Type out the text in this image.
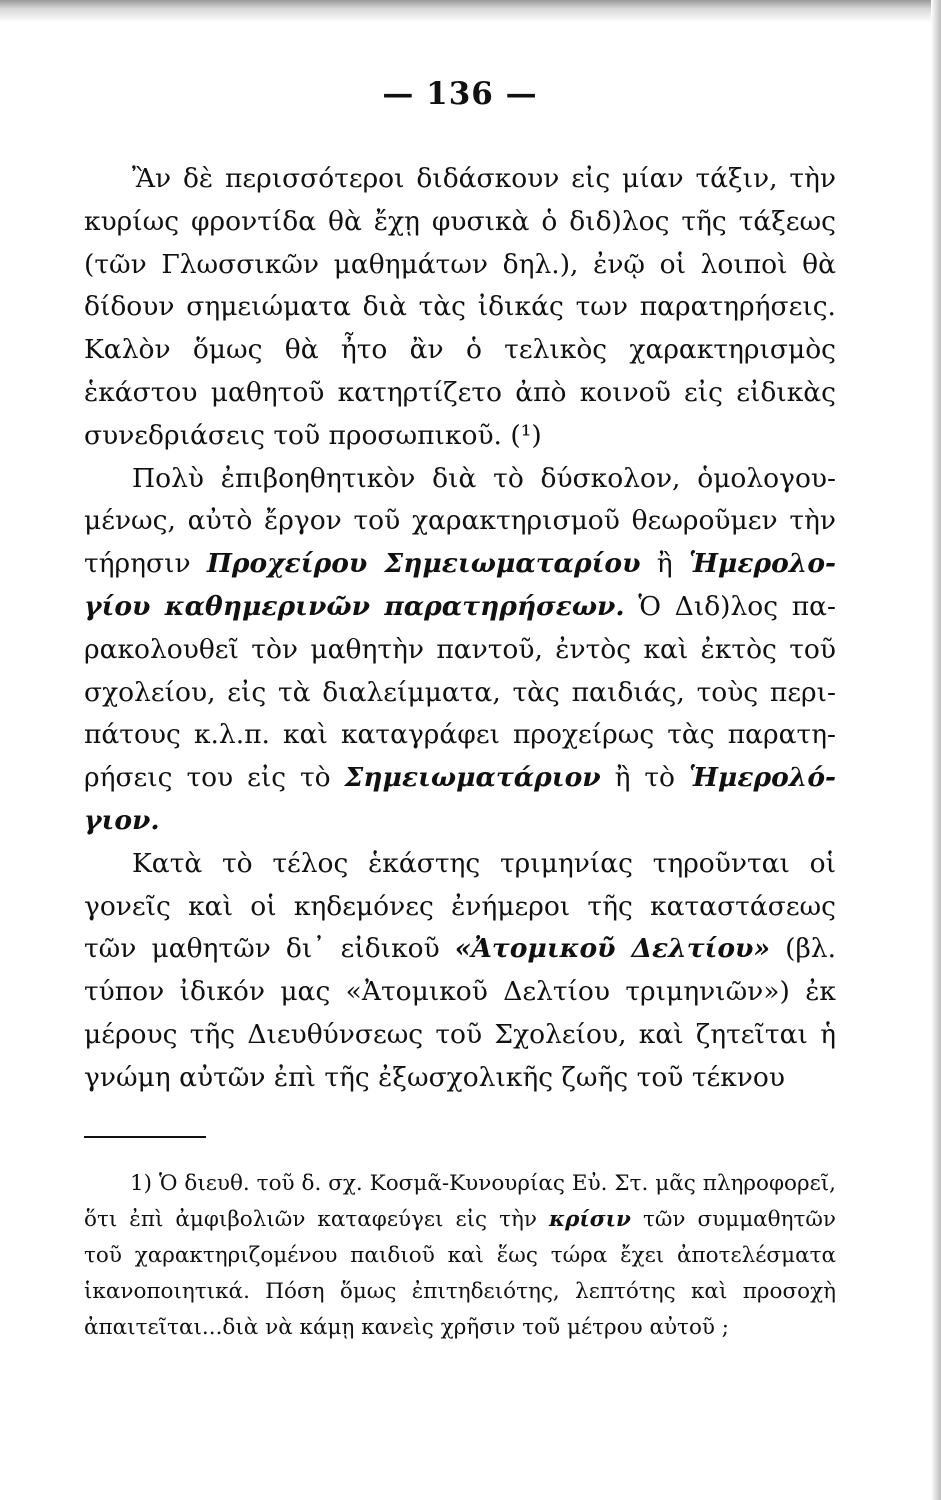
— 136 —

Ἂν δὲ περισσότεροι διδάσκουν εἰς μίαν τάξιν, τὴν κυρίως φροντίδα θὰ ἔχῃ φυσικὰ ὁ διδ)λος τῆς τάξεως (τῶν Γλωσσικῶν μαθημάτων δηλ.), ἐνῷ οἱ λοιποὶ θὰ δίδουν σημειώματα διὰ τὰς ἰδικάς των παρατηρήσεις. Καλὸν ὅμως θὰ ἦτο ἂν ὁ τελικὸς χαρακτηρισμὸς ἑκάστου μαθητοῦ κατηρτίζετο ἀπὸ κοινοῦ εἰς εἰδικὰς συνεδριάσεις τοῦ προσωπικοῦ. (¹)

Πολὺ ἐπιβοηθητικὸν διὰ τὸ δύσκολον, ὁμολογουμένως, αὐτὸ ἔργον τοῦ χαρακτηρισμοῦ θεωροῦμεν τὴν τήρησιν Προχείρου Σημειωματαρίου ἢ Ἡμερολογίου καθημερινῶν παρατηρήσεων. Ὁ Διδ)λος παρακολουθεῖ τὸν μαθητὴν παντοῦ, ἐντὸς καὶ ἐκτὸς τοῦ σχολείου, εἰς τὰ διαλείμματα, τὰς παιδιάς, τοὺς περιπάτους κ.λ.π. καὶ καταγράφει προχείρως τὰς παρατηρήσεις του εἰς τὸ Σημειωματάριον ἢ τὸ Ἡμερολόγιον.

Κατὰ τὸ τέλος ἑκάστης τριμηνίας τηροῦνται οἱ γονεῖς καὶ οἱ κηδεμόνες ἐνήμεροι τῆς καταστάσεως τῶν μαθητῶν δι᾿ εἰδικοῦ «Ἀτομικοῦ Δελτίου» (βλ. τύπον ἰδικόν μας «Ἀτομικοῦ Δελτίου τριμηνιῶν») ἐκ μέρους τῆς Διευθύνσεως τοῦ Σχολείου, καὶ ζητεῖται ἡ γνώμη αὐτῶν ἐπὶ τῆς ἐξωσχολικῆς ζωῆς τοῦ τέκνου

1) Ὁ διευθ. τοῦ δ. σχ. Κοσμᾶ-Κυνουρίας Εὐ. Στ. μᾶς πληροφορεῖ, ὅτι ἐπὶ ἀμφιβολιῶν καταφεύγει εἰς τὴν κρίσιν τῶν συμμαθητῶν τοῦ χαρακτηριζομένου παιδιοῦ καὶ ἕως τώρα ἔχει ἀποτελέσματα ἱκανοποιητικά. Πόση ὅμως ἐπιτηδειότης, λεπτότης καὶ προσοχὴ ἀπαιτεῖται...διὰ νὰ κάμῃ κανεὶς χρῆσιν τοῦ μέτρου αὐτοῦ ;
